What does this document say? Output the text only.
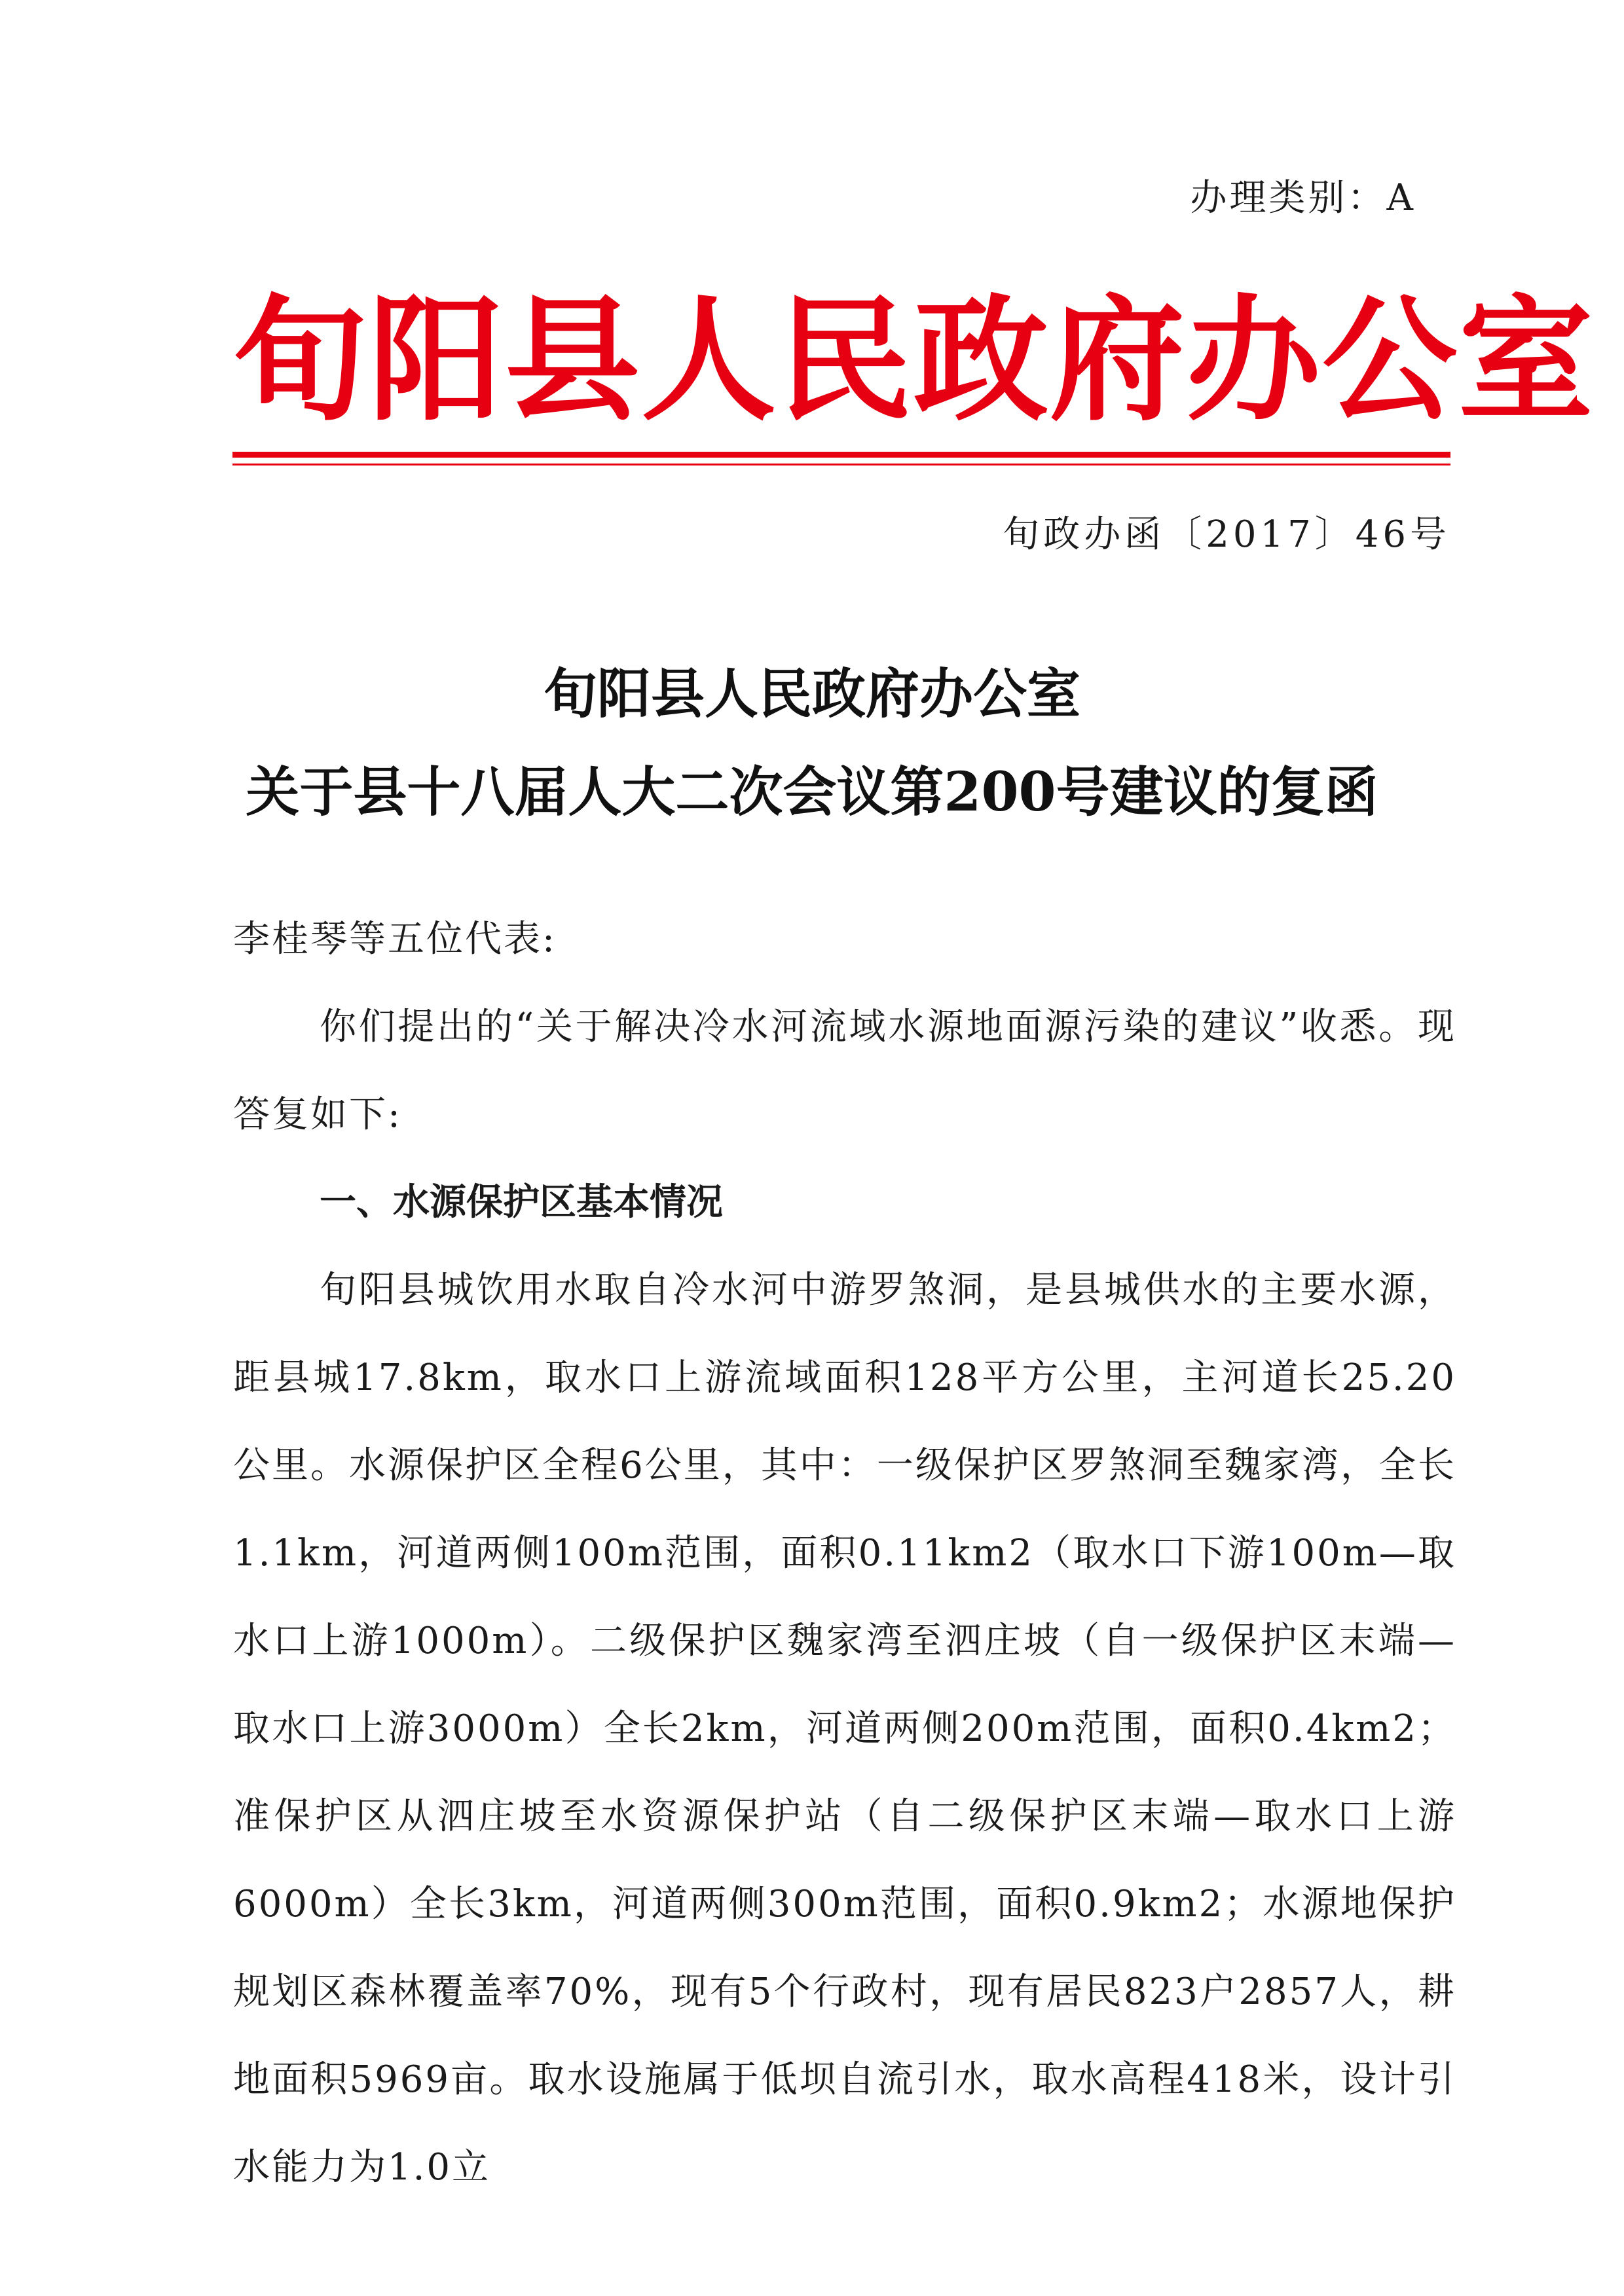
办理类别：A
旬阳县人民政府办公室
旬政办函〔2017〕46号
旬阳县人民政府办公室
关于县十八届人大二次会议第200号建议的复函
李桂琴等五位代表:
你们提出的“关于解决冷水河流域水源地面源污染的建议”收悉。现答复如下:
一、水源保护区基本情况
旬阳县城饮用水取自冷水河中游罗煞洞，是县城供水的主要水源，距县城17.8km，取水口上游流域面积128平方公里，主河道长25.20公里。水源保护区全程6公里，其中：一级保护区罗煞洞至魏家湾，全长1.1km，河道两侧100m范围，面积0.11km2（取水口下游100m—取水口上游1000m）。二级保护区魏家湾至泗庄坡（自一级保护区末端—取水口上游3000m）全长2km，河道两侧200m范围，面积0.4km2；准保护区从泗庄坡至水资源保护站（自二级保护区末端—取水口上游6000m）全长3km，河道两侧300m范围，面积0.9km2；水源地保护规划区森林覆盖率70%，现有5个行政村，现有居民823户2857人，耕地面积5969亩。取水设施属于低坝自流引水，取水高程418米，设计引水能力为1.0立
